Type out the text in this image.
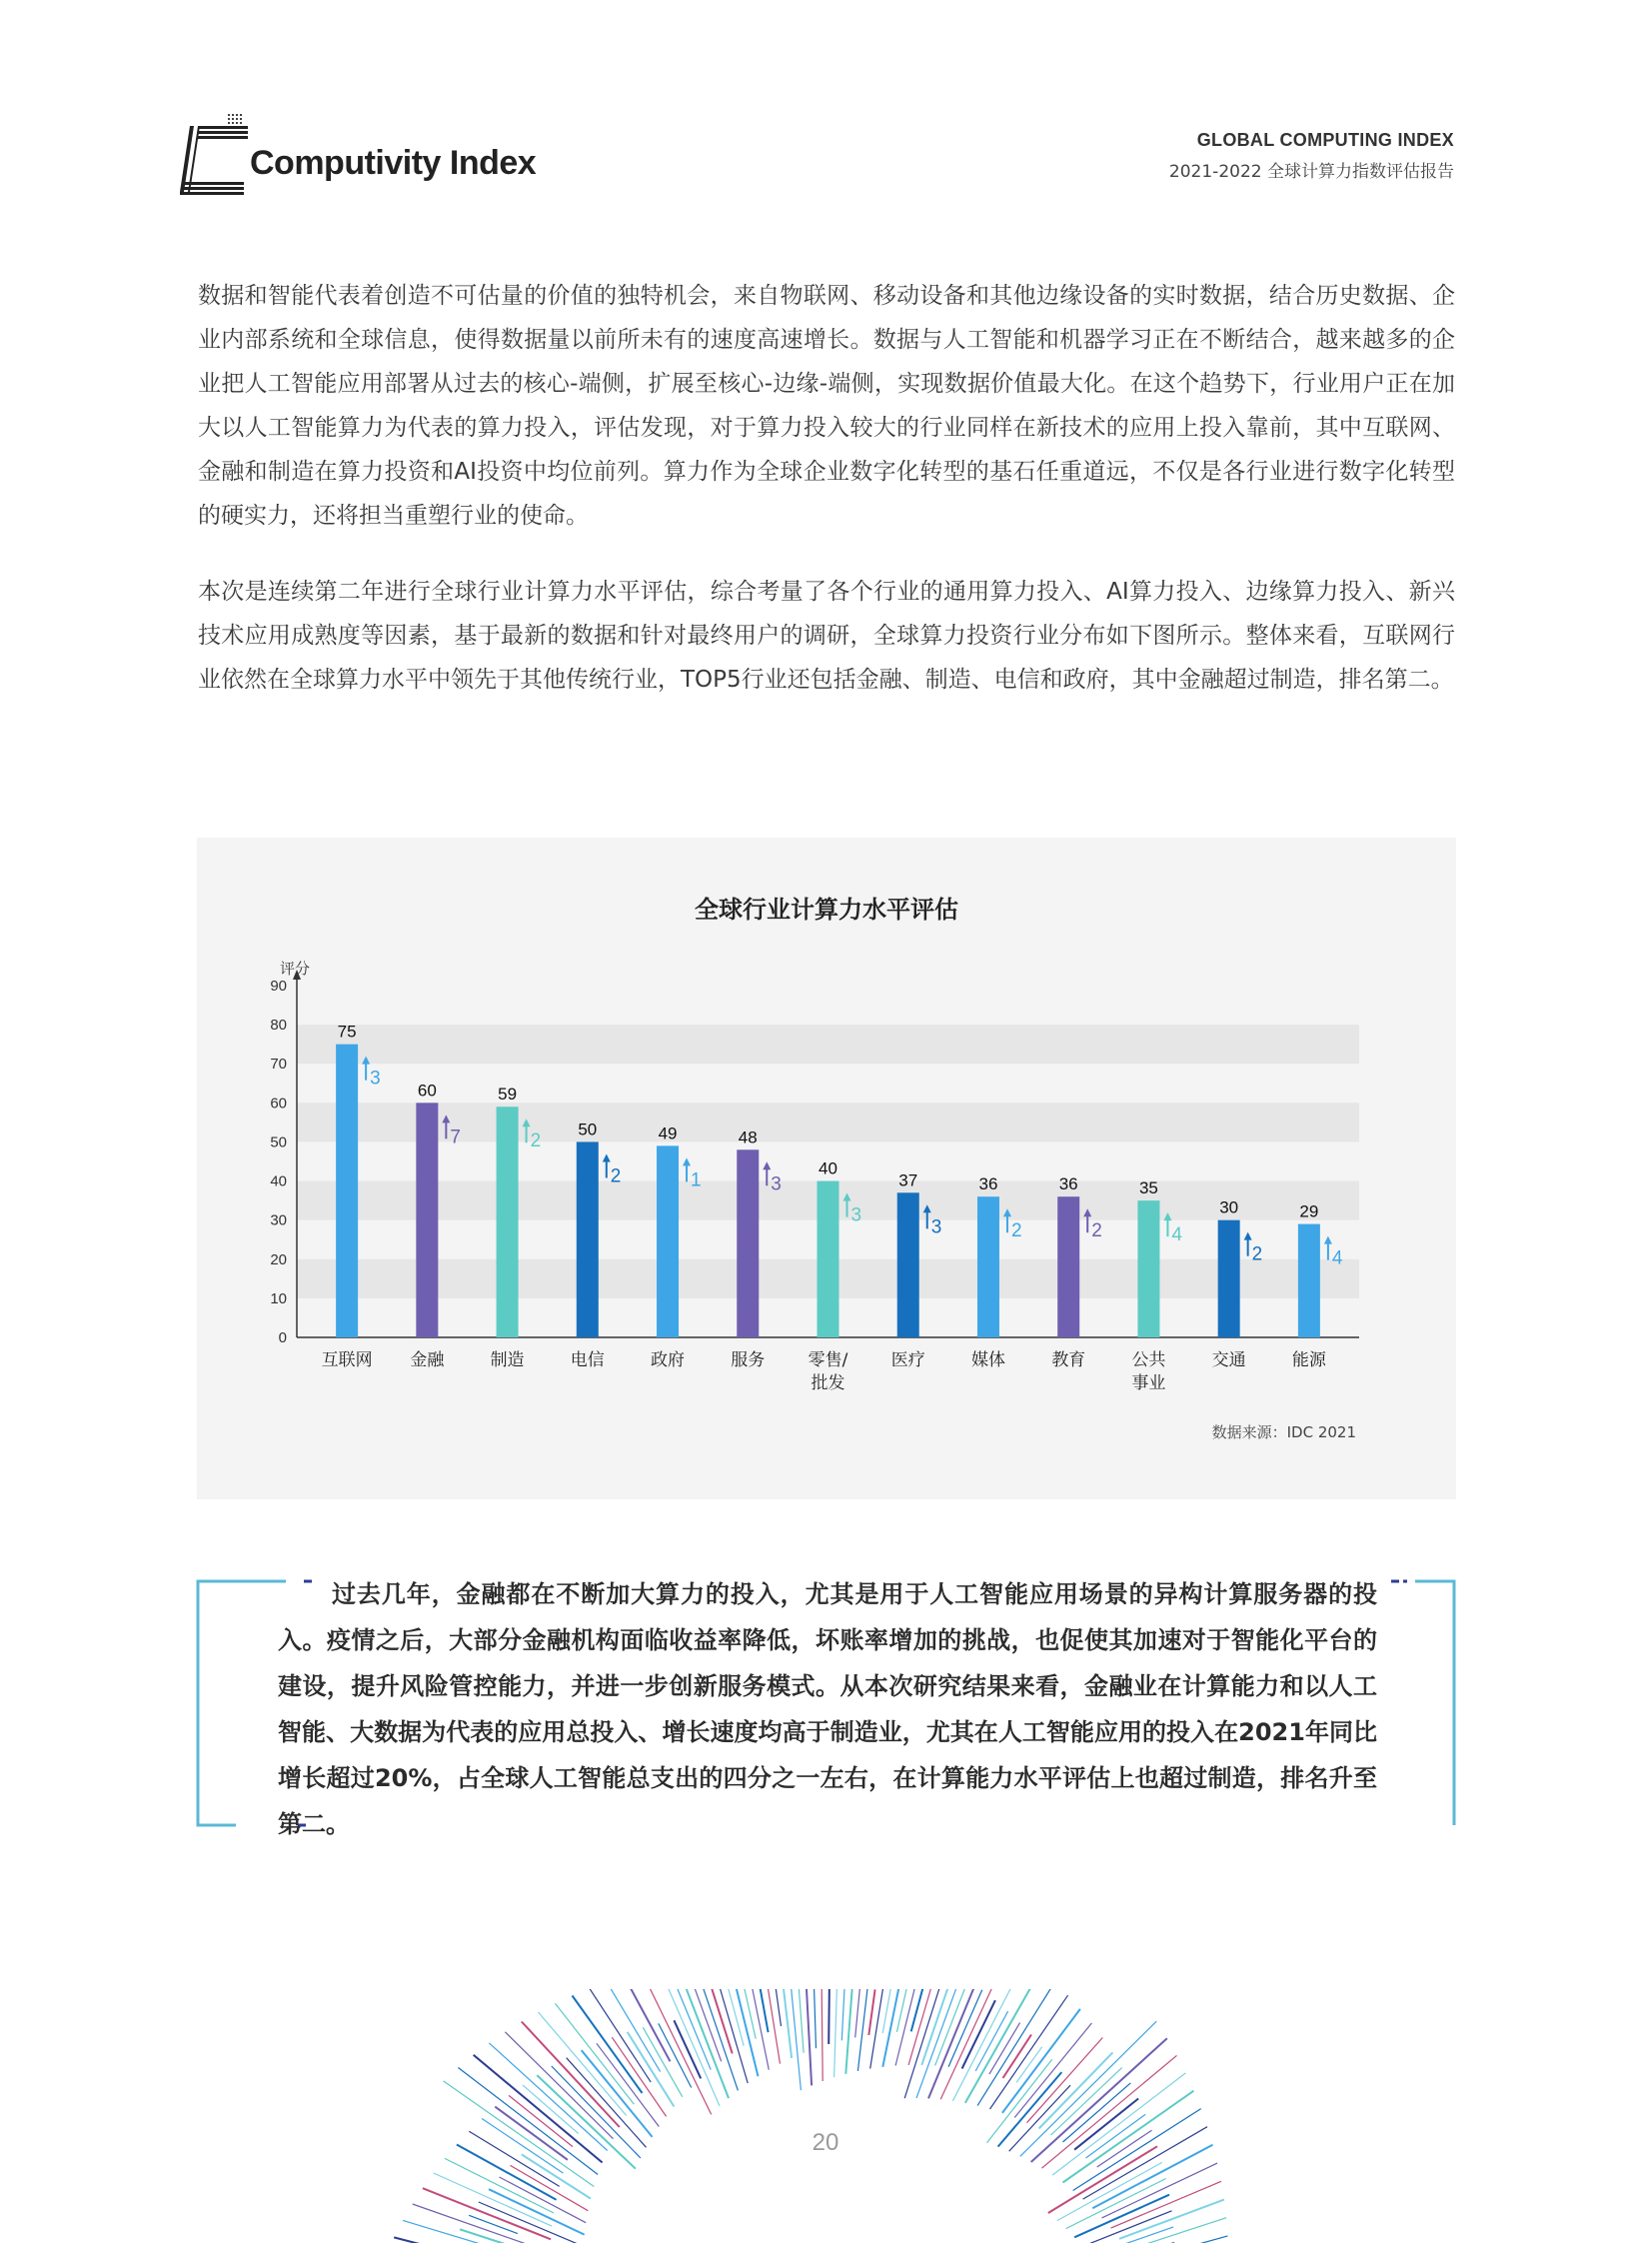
Computivity Index
GLOBAL COMPUTING INDEX
2021-2022 全球计算力指数评估报告

数据和智能代表着创造不可估量的价值的独特机会，来自物联网、移动设备和其他边缘设备的实时数据，结合历史数据、企业内部系统和全球信息，使得数据量以前所未有的速度高速增长。数据与人工智能和机器学习正在不断结合，越来越多的企业把人工智能应用部署从过去的核心-端侧，扩展至核心-边缘-端侧，实现数据价值最大化。在这个趋势下，行业用户正在加大以人工智能算力为代表的算力投入，评估发现，对于算力投入较大的行业同样在新技术的应用上投入靠前，其中互联网、金融和制造在算力投资和AI投资中均位前列。算力作为全球企业数字化转型的基石任重道远，不仅是各行业进行数字化转型的硬实力，还将担当重塑行业的使命。

本次是连续第二年进行全球行业计算力水平评估，综合考量了各个行业的通用算力投入、AI算力投入、边缘算力投入、新兴技术应用成熟度等因素，基于最新的数据和针对最终用户的调研，全球算力投资行业分布如下图所示。整体来看，互联网行业依然在全球算力水平中领先于其他传统行业，TOP5行业还包括金融、制造、电信和政府，其中金融超过制造，排名第二。

全球行业计算力水平评估
评分
0
10
20
30
40
50
60
70
80
90
75
3
互联网
60
7
金融
59
2
制造
50
2
电信
49
1
政府
48
3
服务
40
3
零售/
批发
37
3
医疗
36
2
媒体
36
2
教育
35
4
公共
事业
30
2
交通
29
4
能源
数据来源：IDC 2021

过去几年，金融都在不断加大算力的投入，尤其是用于人工智能应用场景的异构计算服务器的投入。疫情之后，大部分金融机构面临收益率降低，坏账率增加的挑战，也促使其加速对于智能化平台的建设，提升风险管控能力，并进一步创新服务模式。从本次研究结果来看，金融业在计算能力和以人工智能、大数据为代表的应用总投入、增长速度均高于制造业，尤其在人工智能应用的投入在2021年同比增长超过20%，占全球人工智能总支出的四分之一左右，在计算能力水平评估上也超过制造，排名升至第二。

20
